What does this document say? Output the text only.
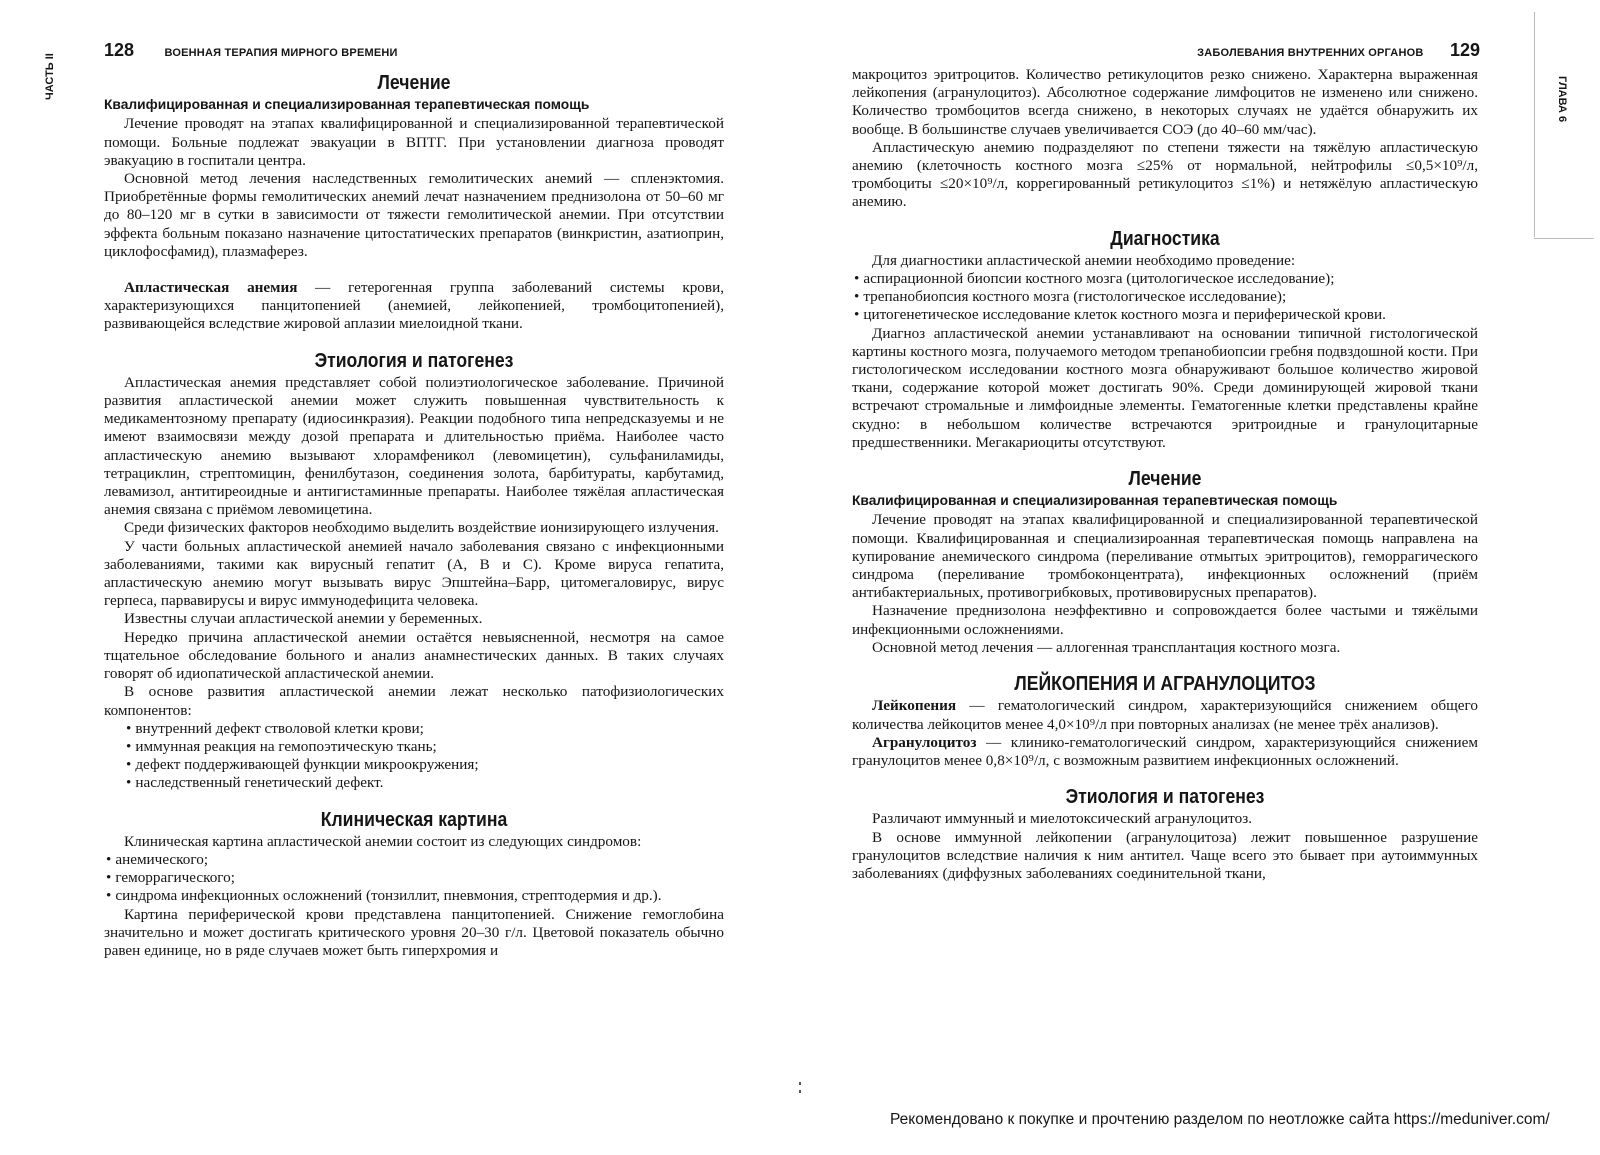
128	ВОЕННАЯ ТЕРАПИЯ МИРНОГО ВРЕМЕНИ
ЧАСТЬ II	Лечение
Квалифицированная и специализированная терапевтическая помощь

Лечение проводят на этапах квалифицированной и специализированной терапевтической помощи. Больные подлежат эвакуации в ВПТГ. При установлении диагноза проводят эвакуацию в госпитали центра.

Основной метод лечения наследственных гемолитических анемий — спленэктомия. Приобретённые формы гемолитических анемий лечат назначением преднизолона от 50–60 мг до 80–120 мг в сутки в зависимости от тяжести гемолитической анемии. При отсутствии эффекта больным показано назначение цитостатических препаратов (винкристин, азатиоприн, циклофосфамид), плазмаферез.

Апластическая анемия — гетерогенная группа заболеваний системы крови, характеризующихся панцитопенией (анемией, лейкопенией, тромбоцитопенией), развивающейся вследствие жировой аплазии миелоидной ткани.

Этиология и патогенез

Апластическая анемия представляет собой полиэтиологическое заболевание. Причиной развития апластической анемии может служить повышенная чувствительность к медикаментозному препарату (идиосинкразия). Реакции подобного типа непредсказуемы и не имеют взаимосвязи между дозой препарата и длительностью приёма. Наиболее часто апластическую анемию вызывают хлорамфеникол (левомицетин), сульфаниламиды, тетрациклин, стрептомицин, фенилбутазон, соединения золота, барбитураты, карбутамид, левамизол, антитиреоидные и антигистаминные препараты. Наиболее тяжёлая апластическая анемия связана с приёмом левомицетина.

Среди физических факторов необходимо выделить воздействие ионизирующего излучения.

У части больных апластической анемией начало заболевания связано с инфекционными заболеваниями, такими как вирусный гепатит (А, В и С). Кроме вируса гепатита, апластическую анемию могут вызывать вирус Эпштейна–Барр, цитомегаловирус, вирус герпеса, парвавирусы и вирус иммунодефицита человека.

Известны случаи апластической анемии у беременных.

Нередко причина апластической анемии остаётся невыясненной, несмотря на самое тщательное обследование больного и анализ анамнестических данных. В таких случаях говорят об идиопатической апластической анемии.

В основе развития апластической анемии лежат несколько патофизиологических компонентов:

• внутренний дефект стволовой клетки крови;
• иммунная реакция на гемопоэтическую ткань;
• дефект поддерживающей функции микроокружения;
• наследственный генетический дефект.
Клиническая картина

Клиническая картина апластической анемии состоит из следующих синдромов:

• анемического;
• геморрагического;
• синдрома инфекционных осложнений (тонзиллит, пневмония, стрептодермия и др.).

Картина периферической крови представлена панцитопенией. Снижение гемоглобина значительно и может достигать критического уровня 20–30 г/л. Цветовой показатель обычно равен единице, но в ряде случаев может быть гиперхромия и

ЗАБОЛЕВАНИЯ ВНУТРЕННИХ ОРГАНОВ 129
ГЛАВА 6

макроцитоз эритроцитов. Количество ретикулоцитов резко снижено. Характерна выраженная лейкопения (агранулоцитоз). Абсолютное содержание лимфоцитов не изменено или снижено. Количество тромбоцитов всегда снижено, в некоторых случаях не удаётся обнаружить их вообще. В большинстве случаев увеличивается СОЭ (до 40–60 мм/час).

Апластическую анемию подразделяют по степени тяжести на тяжёлую апластическую анемию (клеточность костного мозга ≤25% от нормальной, нейтрофилы ≤0,5×10⁹/л, тромбоциты ≤20×10⁹/л, коррегированный ретикулоцитоз ≤1%) и нетяжёлую апластическую анемию.

Диагностика

Для диагностики апластической анемии необходимо проведение:

• аспирационной биопсии костного мозга (цитологическое исследование);
• трепанобиопсия костного мозга (гистологическое исследование);
• цитогенетическое исследование клеток костного мозга и периферической крови.

Диагноз апластической анемии устанавливают на основании типичной гистологической картины костного мозга, получаемого методом трепанобиопсии гребня подвздошной кости. При гистологическом исследовании костного мозга обнаруживают большое количество жировой ткани, содержание которой может достигать 90%. Среди доминирующей жировой ткани встречают стромальные и лимфоидные элементы. Гематогенные клетки представлены крайне скудно: в небольшом количестве встречаются эритроидные и гранулоцитарные предшественники. Мегакариоциты отсутствуют.

Лечение
Квалифицированная и специализированная терапевтическая помощь

Лечение проводят на этапах квалифицированной и специализированной терапевтической помощи. Квалифицированная и специализироанная терапевтическая помощь направлена на купирование анемического синдрома (переливание отмытых эритроцитов), геморрагического синдрома (переливание тромбоконцентрата), инфекционных осложнений (приём антибактериальных, противогрибковых, противовирусных препаратов).

Назначение преднизолона неэффективно и сопровождается более частыми и тяжёлыми инфекционными осложнениями.

Основной метод лечения — аллогенная трансплантация костного мозга.

ЛЕЙКОПЕНИЯ И АГРАНУЛОЦИТОЗ

Лейкопения — гематологический синдром, характеризующийся снижением общего количества лейкоцитов менее 4,0×10⁹/л при повторных анализах (не менее трёх анализов).

Агранулоцитоз — клинико-гематологический синдром, характеризующийся снижением гранулоцитов менее 0,8×10⁹/л, с возможным развитием инфекционных осложнений.

Этиология и патогенез

Различают иммунный и миелотоксический агранулоцитоз.

В основе иммунной лейкопении (агранулоцитоза) лежит повышенное разрушение гранулоцитов вследствие наличия к ним антител. Чаще всего это бывает при аутоиммунных заболеваниях (диффузных заболеваниях соединительной ткани,

Рекомендовано к покупке и прочтению разделом по неотложке сайта https://meduniver.com/
